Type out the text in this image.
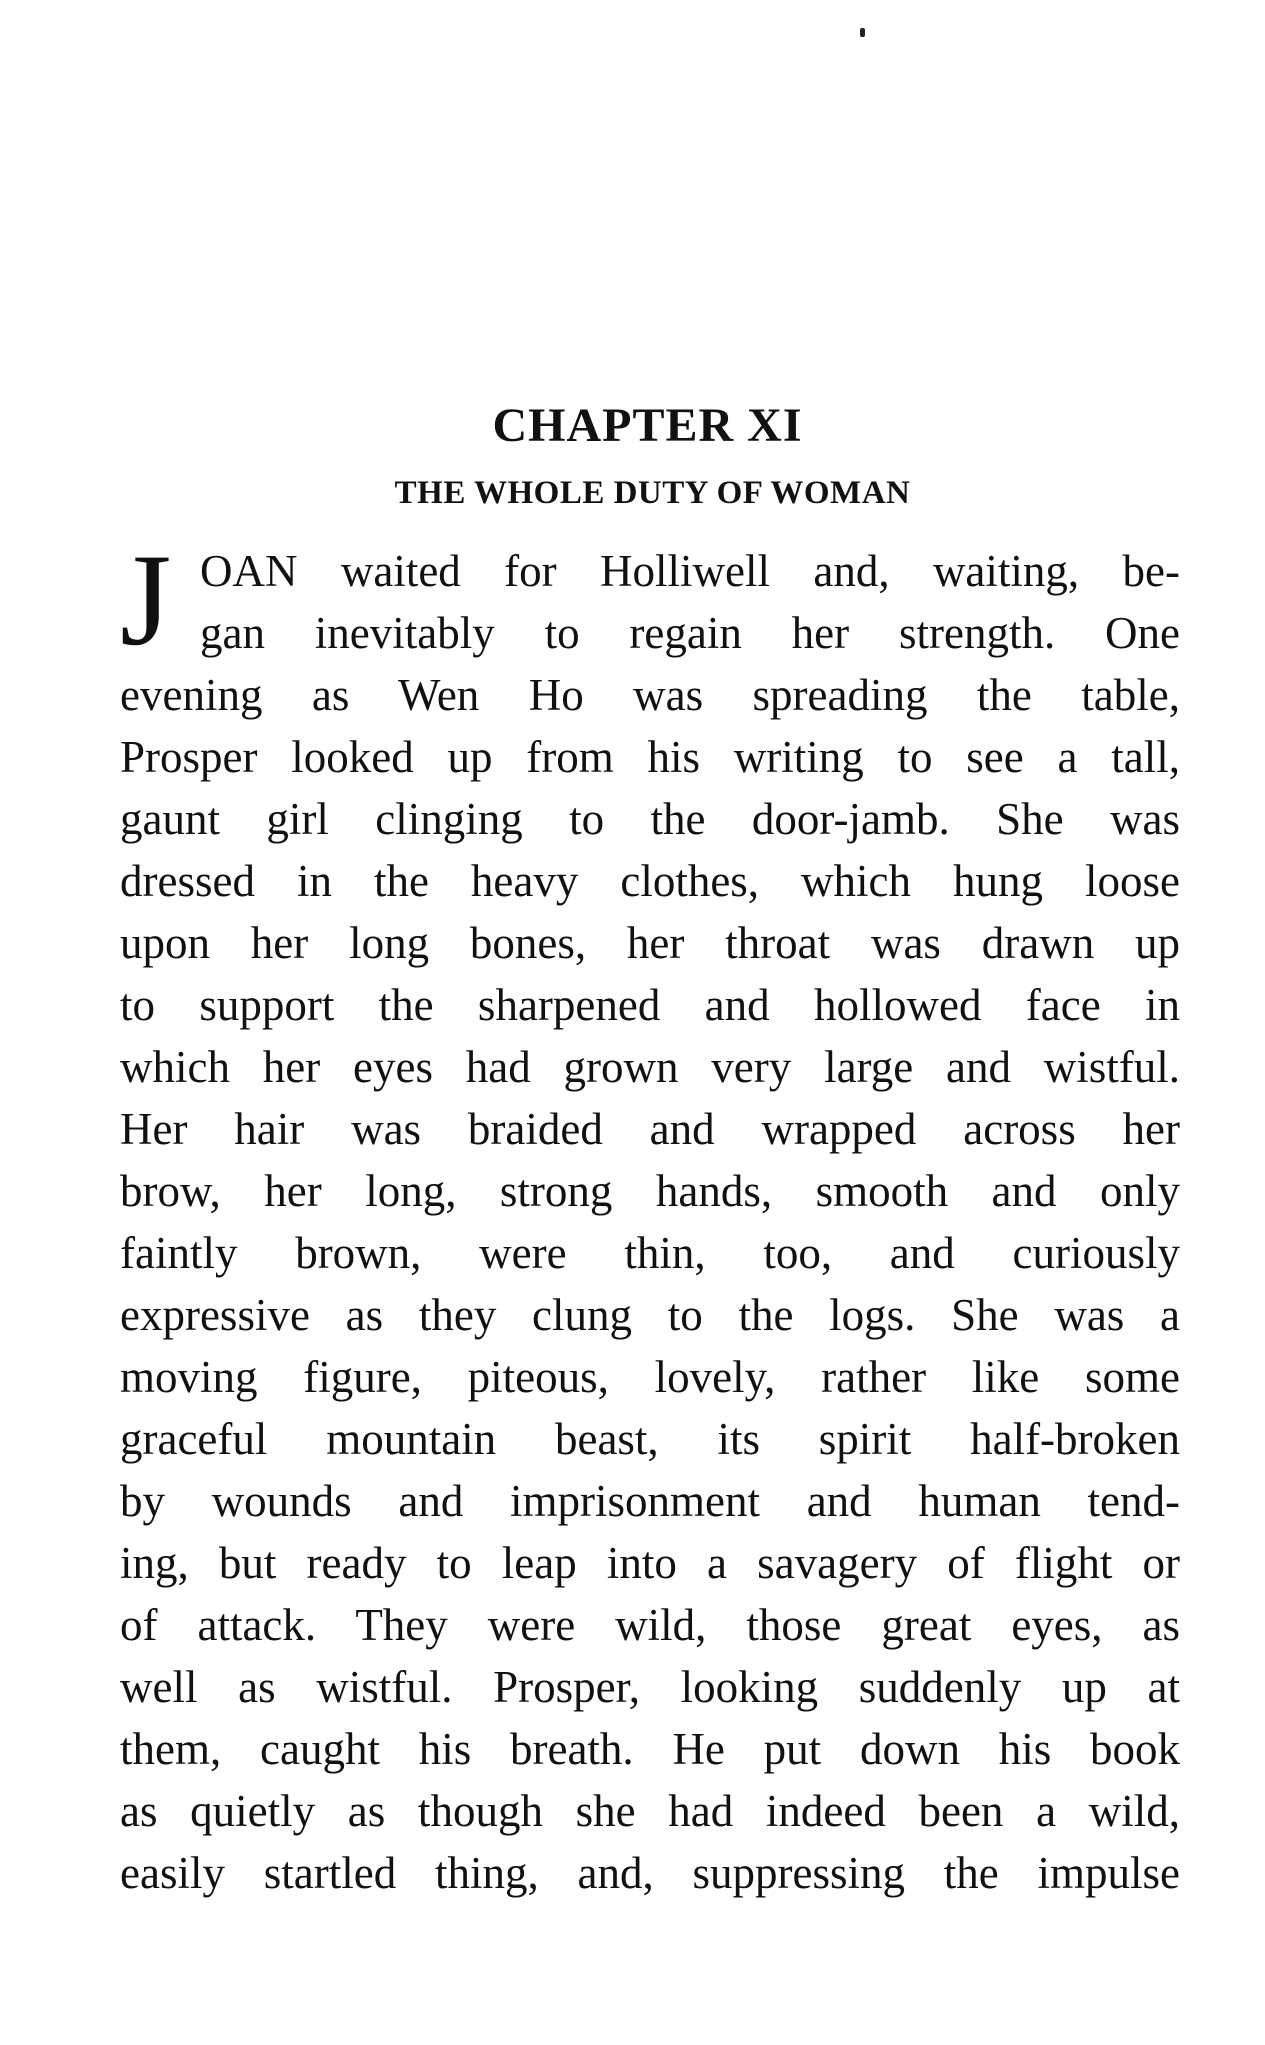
CHAPTER XI
THE WHOLE DUTY OF WOMAN
J OAN waited for Holliwell and, waiting, be-
gan inevitably to regain her strength. One
evening as Wen Ho was spreading the table,
Prosper looked up from his writing to see a tall,
gaunt girl clinging to the door-jamb. She was
dressed in the heavy clothes, which hung loose
upon her long bones, her throat was drawn up
to support the sharpened and hollowed face in
which her eyes had grown very large and wistful.
Her hair was braided and wrapped across her
brow, her long, strong hands, smooth and only
faintly brown, were thin, too, and curiously
expressive as they clung to the logs. She was a
moving figure, piteous, lovely, rather like some
graceful mountain beast, its spirit half-broken
by wounds and imprisonment and human tend-
ing, but ready to leap into a savagery of flight or
of attack. They were wild, those great eyes, as
well as wistful. Prosper, looking suddenly up at
them, caught his breath. He put down his book
as quietly as though she had indeed been a wild,
easily startled thing, and, suppressing the impulse
